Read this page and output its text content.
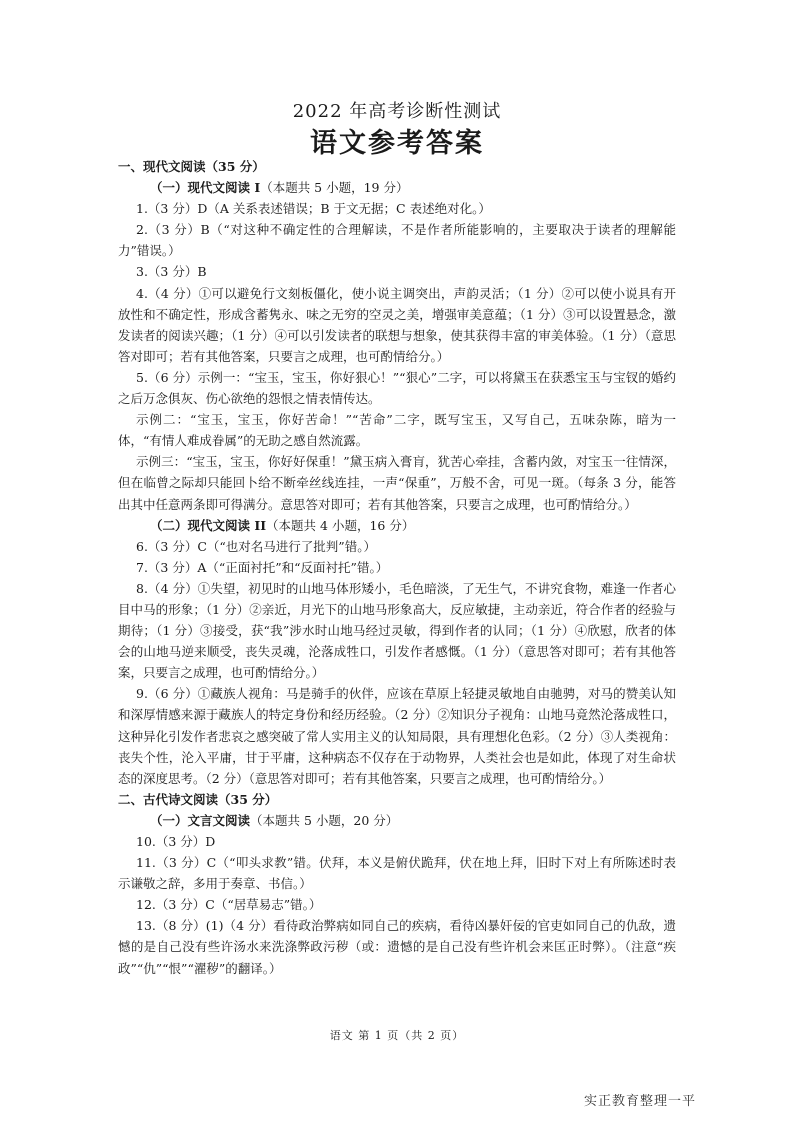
2022 年高考诊断性测试
语文参考答案

一、现代文阅读（35 分）

（一）现代文阅读 I（本题共 5 小题，19 分）

1.（3 分）D（A 关系表述错误；B 于文无据；C 表述绝对化。）

2.（3 分）B（“对这种不确定性的合理解读，不是作者所能影响的，主要取决于读者的理解能力”错误。）

3.（3 分）B

4.（4 分）①可以避免行文刻板僵化，使小说主调突出，声韵灵活；（1 分）②可以使小说具有开放性和不确定性，形成含蓄隽永、味之无穷的空灵之美，增强审美意蕴；（1 分）③可以设置悬念，激发读者的阅读兴趣；（1 分）④可以引发读者的联想与想象，使其获得丰富的审美体验。（1 分）（意思答对即可；若有其他答案，只要言之成理，也可酌情给分。）

5.（6 分）示例一：“宝玉，宝玉，你好狠心！”“狠心”二字，可以将黛玉在获悉宝玉与宝钗的婚约之后万念俱灰、伤心欲绝的怨恨之情表情传达。

示例二：“宝玉，宝玉，你好苦命！”“苦命”二字，既写宝玉，又写自己，五味杂陈，暗为一体，“有情人难成眷属”的无助之感自然流露。

示例三：“宝玉，宝玉，你好好保重！”黛玉病入膏肓，犹苦心牵挂，含蓄内敛，对宝玉一往情深，但在临曾之际却只能回卜给不断牵丝线连挂，一声“保重”，万般不舍，可见一斑。（每条 3 分，能答出其中任意两条即可得满分。意思答对即可；若有其他答案，只要言之成理，也可酌情给分。）

（二）现代文阅读 II（本题共 4 小题，16 分）

6.（3 分）C（“也对名马进行了批判”错。）

7.（3 分）A（“正面衬托”和“反面衬托”错。）

8.（4 分）①失望，初见时的山地马体形矮小，毛色暗淡，了无生气，不讲究食物，难逢一作者心目中马的形象；（1 分）②亲近，月光下的山地马形象高大，反应敏捷，主动亲近，符合作者的经验与期待；（1 分）③接受，获“我”涉水时山地马经过灵敏，得到作者的认同；（1 分）④欣慰，欣者的体会的山地马逆来顺受，丧失灵魂，沦落成牲口，引发作者感慨。（1 分）（意思答对即可；若有其他答案，只要言之成理，也可酌情给分。）

9.（6 分）①藏族人视角：马是骑手的伙伴，应该在草原上轻捷灵敏地自由驰骋，对马的赞美认知和深厚情感来源于藏族人的特定身份和经历经验。（2 分）②知识分子视角：山地马竟然沦落成牲口，这种异化引发作者悲哀之感突破了常人实用主义的认知局限，具有理想化色彩。（2 分）③人类视角：丧失个性，沦入平庸，甘于平庸，这种病态不仅存在于动物界，人类社会也是如此，体现了对生命状态的深度思考。（2 分）（意思答对即可；若有其他答案，只要言之成理，也可酌情给分。）

二、古代诗文阅读（35 分）

（一）文言文阅读（本题共 5 小题，20 分）

10.（3 分）D

11.（3 分）C（“叩头求教”错。伏拜，本义是俯伏跪拜，伏在地上拜，旧时下对上有所陈述时表示谦敬之辞，多用于奏章、书信。）

12.（3 分）C（“居草易志”错。）

13.（8 分）(1)（4 分）看待政治弊病如同自己的疾病，看待凶暴奸佞的官吏如同自己的仇敌，遗憾的是自己没有些许汤水来洗涤弊政污秽（或：遗憾的是自己没有些许机会来匡正时弊）。（注意“疾政”“仇”“恨”“濯秽”的翻译。）

语文 第 1 页（共 2 页）
实正教育整理一平
